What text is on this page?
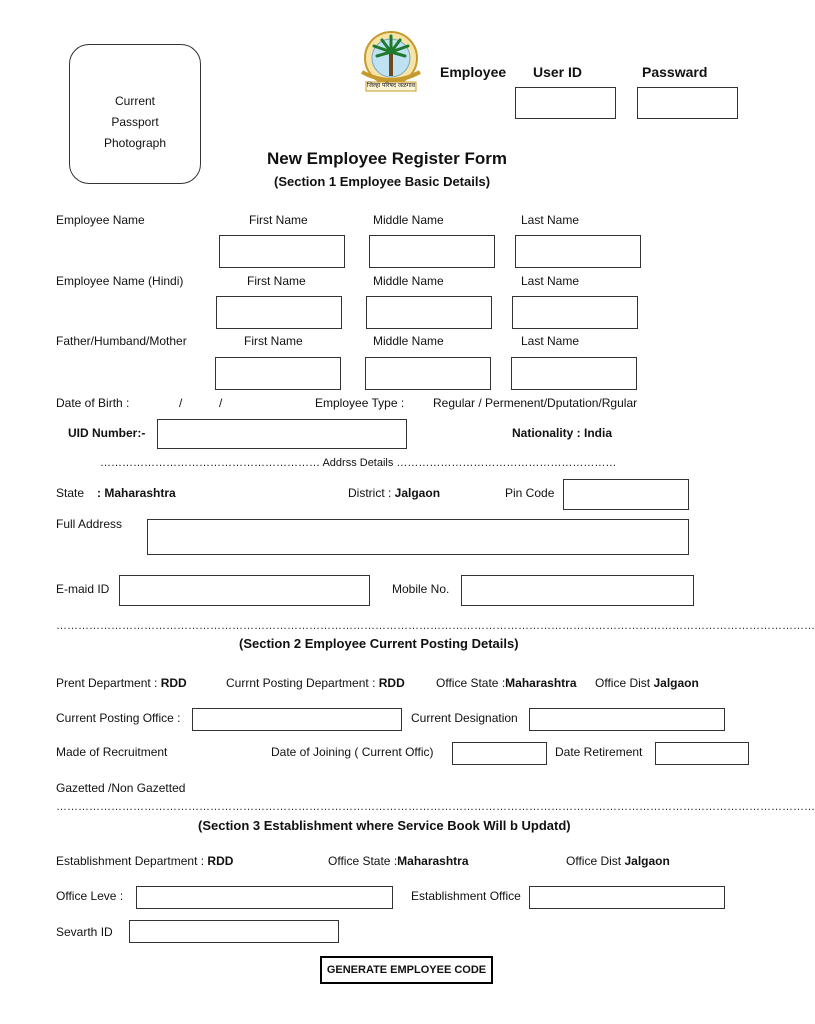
Current
Passport
Photograph
जिल्हा परिषद जळगाव
Employee User ID	Passward
New Employee Register Form
(Section 1 Employee Basic Details)
Employee Name	First Name	Middle Name	Last Name
Employee Name (Hindi)	First Name	Middle Name	Last Name
Father/Humband/Mother	First Name	Middle Name	Last Name
Date of Birth :	/	/	Employee Type : Regular / Permenent/Dputation/Rgular
UID Number:-	Nationality : India
…………………………………………………… Addrss Details ……………………………………………………
State : Maharashtra	District : Jalgaon	Pin Code
Full Address
E-maid ID	Mobile No.
………………………………………………………………………………………………………………………………………………………………………………………
(Section 2 Employee Current Posting Details)
Prent Department : RDD	Currnt Posting Department : RDD	Office State :Maharashtra Office Dist Jalgaon
Current Posting Office :	Current Designation
Made of Recruitment	Date of Joining ( Current Offic)	Date Retirement
Gazetted /Non Gazetted
………………………………………………………………………………………………………………………………………………………………………………………
(Section 3 Establishment where Service Book Will b Updatd)
Establishment Department : RDD	Office State :Maharashtra	Office Dist Jalgaon
Office Leve :	Establishment Office
Sevarth ID
GENERATE EMPLOYEE CODE
